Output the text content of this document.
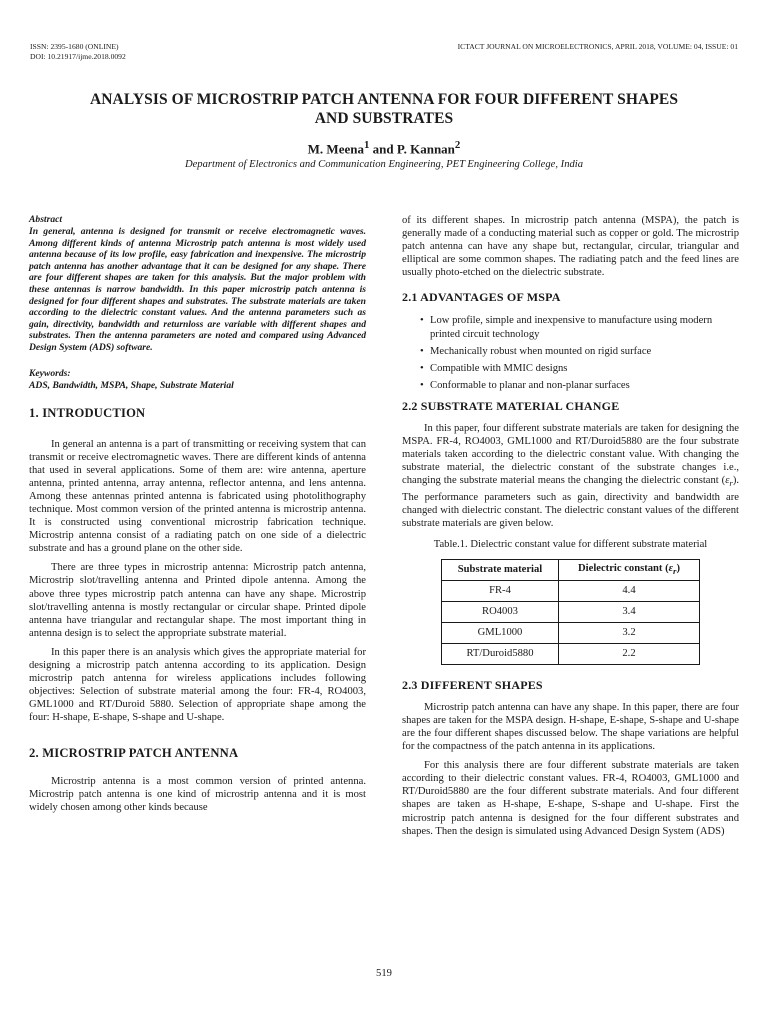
ISSN: 2395-1680 (ONLINE)
DOI: 10.21917/ijme.2018.0092
ICTACT JOURNAL ON MICROELECTRONICS, APRIL 2018, VOLUME: 04, ISSUE: 01
ANALYSIS OF MICROSTRIP PATCH ANTENNA FOR FOUR DIFFERENT SHAPES
AND SUBSTRATES
M. Meena$^1$ and P. Kannan$^2$
Department of Electronics and Communication Engineering, PET Engineering College, India
Abstract
In general, antenna is designed for transmit or receive electromagnetic waves. Among different kinds of antenna Microstrip patch antenna is most widely used antenna because of its low profile, easy fabrication and inexpensive. The microstrip patch antenna has another advantage that it can be designed for any shape. There are four different shapes are taken for this analysis. But the major problem with these antennas is narrow bandwidth. In this paper microstrip patch antenna is designed for four different shapes and substrates. The substrate materials are taken according to the dielectric constant values. And the antenna parameters such as gain, directivity, bandwidth and returnloss are variable with different shapes and substrates. Then the antenna parameters are noted and compared using Advanced Design System (ADS) software.
Keywords:
ADS, Bandwidth, MSPA, Shape, Substrate Material
1. INTRODUCTION

In general an antenna is a part of transmitting or receiving system that can transmit or receive electromagnetic waves. There are different kinds of antenna that used in several applications. Some of them are: wire antenna, aperture antenna, printed antenna, array antenna, reflector antenna, and lens antenna. Among these antennas printed antenna is fabricated using photolithography technique. Most common version of the printed antenna is microstrip antenna. It is constructed using conventional microstrip fabrication technique. Microstrip antenna consist of a radiating patch on one side of a dielectric substrate and has a ground plane on the other side.

There are three types in microstrip antenna: Microstrip patch antenna, Microstrip slot/travelling antenna and Printed dipole antenna. Among the above three types microstrip patch antenna can have any shape. Microstrip slot/travelling antenna is mostly rectangular or circular shape. Printed dipole antenna have triangular and rectangular shape. The most important thing in antenna design is to select the appropriate substrate material.

In this paper there is an analysis which gives the appropriate material for designing a microstrip patch antenna according to its application. Design microstrip patch antenna for wireless applications includes following objectives: Selection of substrate material among the four: FR-4, RO4003, GML1000 and RT/Duroid 5880. Selection of appropriate shape among the four: H-shape, E-shape, S-shape and U-shape.

2. MICROSTRIP PATCH ANTENNA

Microstrip antenna is a most common version of printed antenna. Microstrip patch antenna is one kind of microstrip antenna and it is most widely chosen among other kinds because

of its different shapes. In microstrip patch antenna (MSPA), the patch is generally made of a conducting material such as copper or gold. The microstrip patch antenna can have any shape but, rectangular, circular, triangular and elliptical are some common shapes. The radiating patch and the feed lines are usually photo-etched on the dielectric substrate.

2.1 ADVANTAGES OF MSPA
• Low profile, simple and inexpensive to manufacture using modern printed circuit technology
• Mechanically robust when mounted on rigid surface
• Compatible with MMIC designs
• Conformable to planar and non-planar surfaces
2.2 SUBSTRATE MATERIAL CHANGE

In this paper, four different substrate materials are taken for designing the MSPA. FR-4, RO4003, GML1000 and RT/Duroid5880 are the four substrate materials taken according to the dielectric constant value. With changing the substrate material, the dielectric constant of the substrate changes i.e., changing the substrate material means the changing the dielectric constant $(\varepsilon_r)$. The performance parameters such as gain, directivity and bandwidth are changed with dielectric constant. The dielectric constant values of the different substrate materials are given below.

Table.1. Dielectric constant value for different substrate material
Substrate material	Dielectric constant $(\varepsilon_r)$
FR-4	4.4
RO4003	3.4
GML1000	3.2
RT/Duroid5880	2.2
2.3 DIFFERENT SHAPES

Microstrip patch antenna can have any shape. In this paper, there are four shapes are taken for the MSPA design. H-shape, E-shape, S-shape and U-shape are the four different shapes discussed below. The shape variations are helpful for the compactness of the patch antenna in its applications.

For this analysis there are four different substrate materials are taken according to their dielectric constant values. FR-4, RO4003, GML1000 and RT/Duroid5880 are the four different substrate materials. And four different shapes are taken as H-shape, E-shape, S-shape and U-shape. First the microstrip patch antenna is designed for the four different substrates and shapes. Then the design is simulated using Advanced Design System (ADS)

519
